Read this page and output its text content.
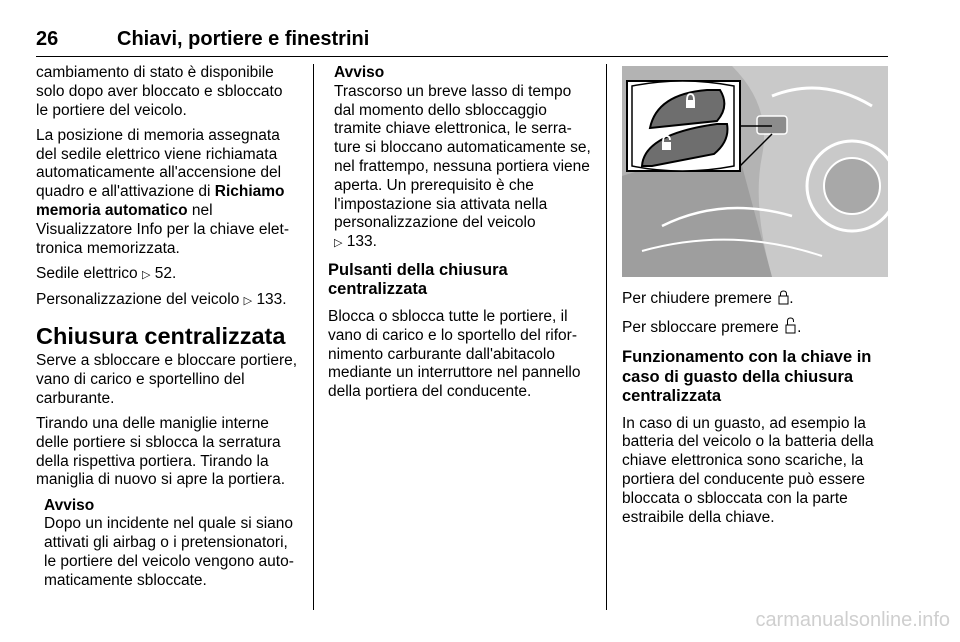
26	Chiavi, portiere e finestrini

cambiamento di stato è disponibile solo dopo aver bloccato e sbloccato le portiere del veicolo.

La posizione di memoria assegnata del sedile elettrico viene richiamata automaticamente all'accensione del quadro e all'attivazione di Richiamo memoria automatico nel Visualizzatore Info per la chiave elettronica memorizzata.

Sedile elettrico ▷ 52.

Personalizzazione del veicolo ▷ 133.

Chiusura centralizzata

Serve a sbloccare e bloccare portiere, vano di carico e sportellino del carburante.

Tirando una delle maniglie interne delle portiere si sblocca la serratura della rispettiva portiera. Tirando la maniglia di nuovo si apre la portiera.

Avviso
Dopo un incidente nel quale si siano attivati gli airbag o i pretensionatori, le portiere del veicolo vengono automaticamente sbloccate.
Avviso
Trascorso un breve lasso di tempo dal momento dello sbloccaggio tramite chiave elettronica, le serrature si bloccano automaticamente se, nel frattempo, nessuna portiera viene aperta. Un prerequisito è che l'impostazione sia attivata nella personalizzazione del veicolo
▷ 133.
Pulsanti della chiusura centralizzata

Blocca o sblocca tutte le portiere, il vano di carico e lo sportello del rifornimento carburante dall'abitacolo mediante un interruttore nel pannello della portiera del conducente.

Per chiudere premere .

Per sbloccare premere .

Funzionamento con la chiave in caso di guasto della chiusura centralizzata

In caso di un guasto, ad esempio la batteria del veicolo o la batteria della chiave elettronica sono scariche, la portiera del conducente può essere bloccata o sbloccata con la parte estraibile della chiave.

carmanualsonline.info
